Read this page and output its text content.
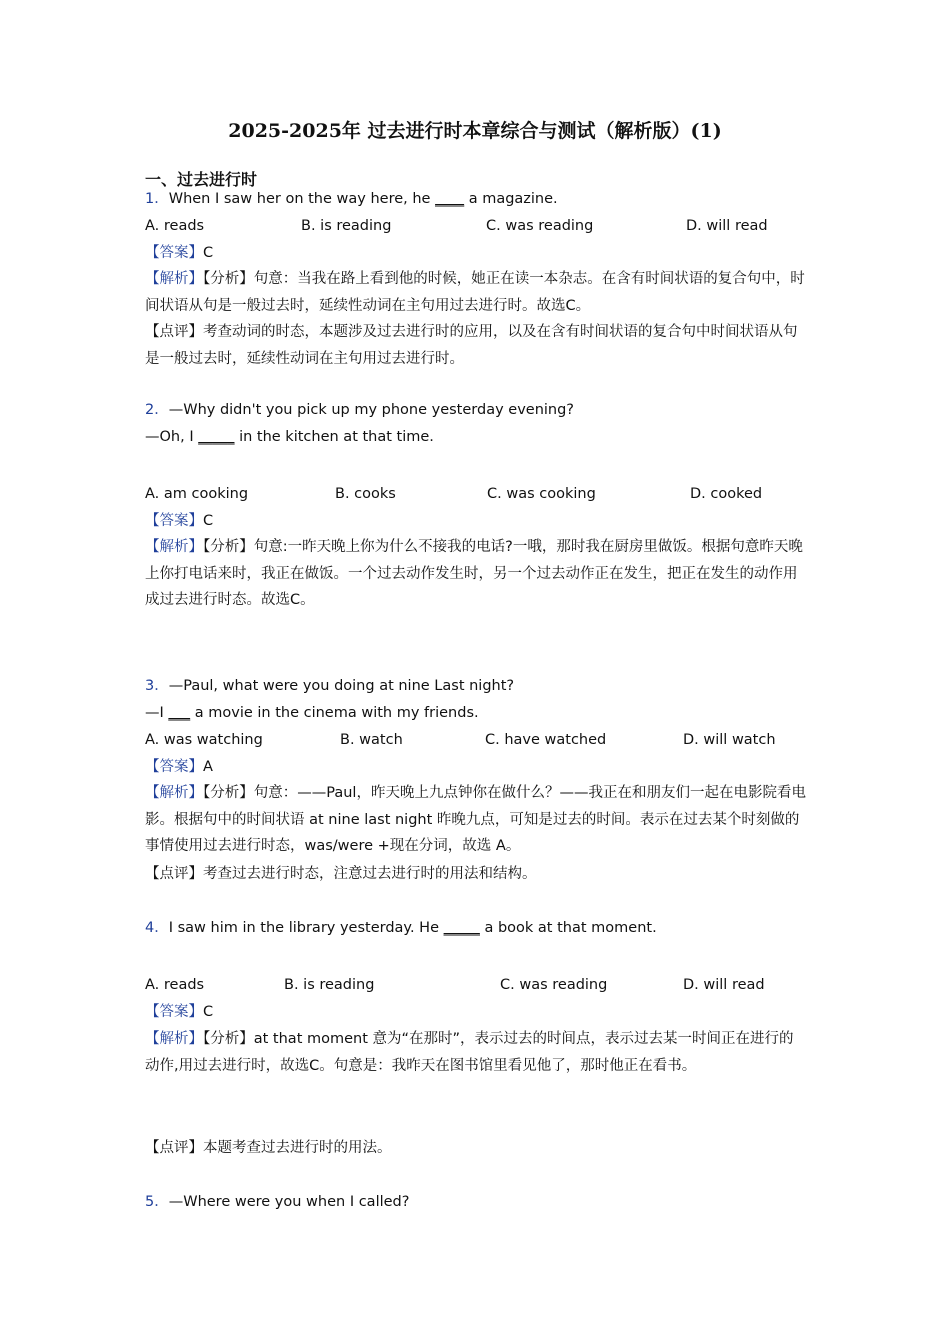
2025-2025年 过去进行时本章综合与测试（解析版）(1)
一、过去进行时
1．When I saw her on the way here, he ____ a magazine.
A. reads	B. is reading	C. was reading	D. will read
【答案】C
【解析】【分析】句意：当我在路上看到他的时候，她正在读一本杂志。在含有时间状语的复合句中，时间状语从句是一般过去时，延续性动词在主句用过去进行时。故选C。
【点评】考查动词的时态，本题涉及过去进行时的应用，以及在含有时间状语的复合句中时间状语从句是一般过去时，延续性动词在主句用过去进行时。
2．—Why didn't you pick up my phone yesterday evening?
—Oh, I _____ in the kitchen at that time.
A. am cooking	B. cooks	C. was cooking	D. cooked
【答案】C
【解析】【分析】句意:一昨天晚上你为什么不接我的电话?一哦，那时我在厨房里做饭。根据句意昨天晚上你打电话来时，我正在做饭。一个过去动作发生时，另一个过去动作正在发生，把正在发生的动作用成过去进行时态。故选C。
3．—Paul, what were you doing at nine Last night?
—I ___ a movie in the cinema with my friends.
A. was watching	B. watch	C. have watched	D. will watch
【答案】A
【解析】【分析】句意：——Paul，昨天晚上九点钟你在做什么？——我正在和朋友们一起在电影院看电影。根据句中的时间状语 at nine last night 昨晚九点，可知是过去的时间。表示在过去某个时刻做的事情使用过去进行时态，was/were +现在分词，故选 A。
【点评】考查过去进行时态，注意过去进行时的用法和结构。
4．I saw him in the library yesterday. He _____ a book at that moment.
A. reads	B. is reading	C. was reading	D. will read
【答案】C
【解析】【分析】at that moment 意为“在那时”，表示过去的时间点，表示过去某一时间正在进行的动作,用过去进行时，故选C。句意是：我昨天在图书馆里看见他了，那时他正在看书。
【点评】本题考查过去进行时的用法。
5．—Where were you when I called?
